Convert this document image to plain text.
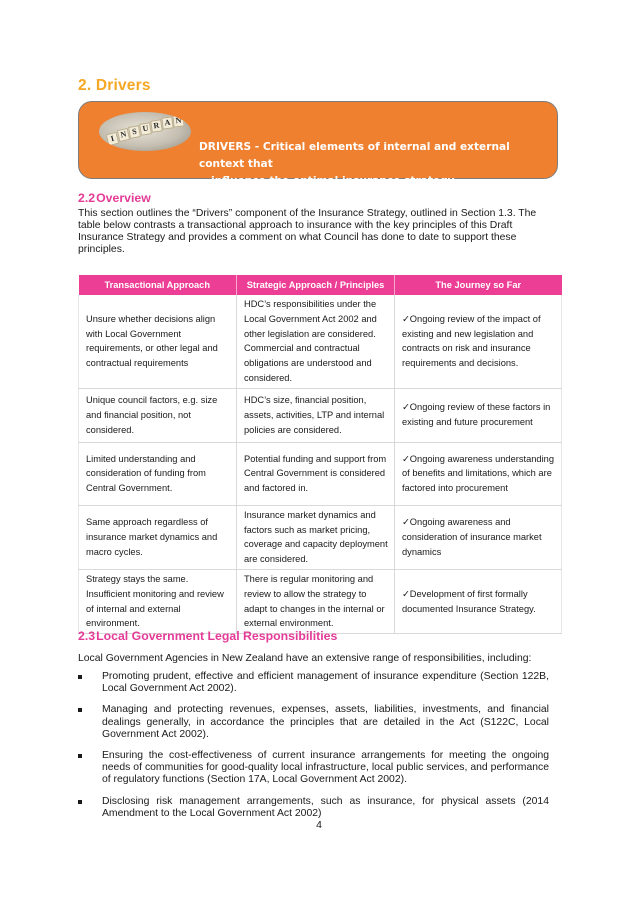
2. Drivers
I N S U R A N
DRIVERS - Critical elements of internal and external context that
influence the optimal insurance strategy
2.2Overview
This section outlines the “Drivers” component of the Insurance Strategy, outlined in Section 1.3. The table below contrasts a transactional approach to insurance with the key principles of this Draft Insurance Strategy and provides a comment on what Council has done to date to support these principles.
Transactional Approach	Strategic Approach / Principles	The Journey so Far
Unsure whether decisions align with Local Government requirements, or other legal and contractual requirements	HDC’s responsibilities under the Local Government Act 2002 and other legislation are considered. Commercial and contractual obligations are understood and considered.	✓Ongoing review of the impact of existing and new legislation and contracts on risk and insurance requirements and decisions.
Unique council factors, e.g. size and financial position, not considered.	HDC’s size, financial position, assets, activities, LTP and internal policies are considered.	✓Ongoing review of these factors in existing and future procurement
Limited understanding and consideration of funding from Central Government.	Potential funding and support from Central Government is considered and factored in.	✓Ongoing awareness understanding of benefits and limitations, which are factored into procurement
Same approach regardless of insurance market dynamics and macro cycles.	Insurance market dynamics and factors such as market pricing, coverage and capacity deployment are considered.	✓Ongoing awareness and consideration of insurance market dynamics
Strategy stays the same. Insufficient monitoring and review of internal and external environment.	There is regular monitoring and review to allow the strategy to adapt to changes in the internal or external environment.	✓Development of first formally documented Insurance Strategy.
2.3Local Government Legal Responsibilities
Local Government Agencies in New Zealand have an extensive range of responsibilities, including:
Promoting prudent, effective and efficient management of insurance expenditure (Section 122B, Local Government Act 2002).
Managing and protecting revenues, expenses, assets, liabilities, investments, and financial dealings generally, in accordance the principles that are detailed in the Act (S122C, Local Government Act 2002).
Ensuring the cost-effectiveness of current insurance arrangements for meeting the ongoing needs of communities for good-quality local infrastructure, local public services, and performance of regulatory functions (Section 17A, Local Government Act 2002).
Disclosing risk management arrangements, such as insurance, for physical assets (2014 Amendment to the Local Government Act 2002)
4
